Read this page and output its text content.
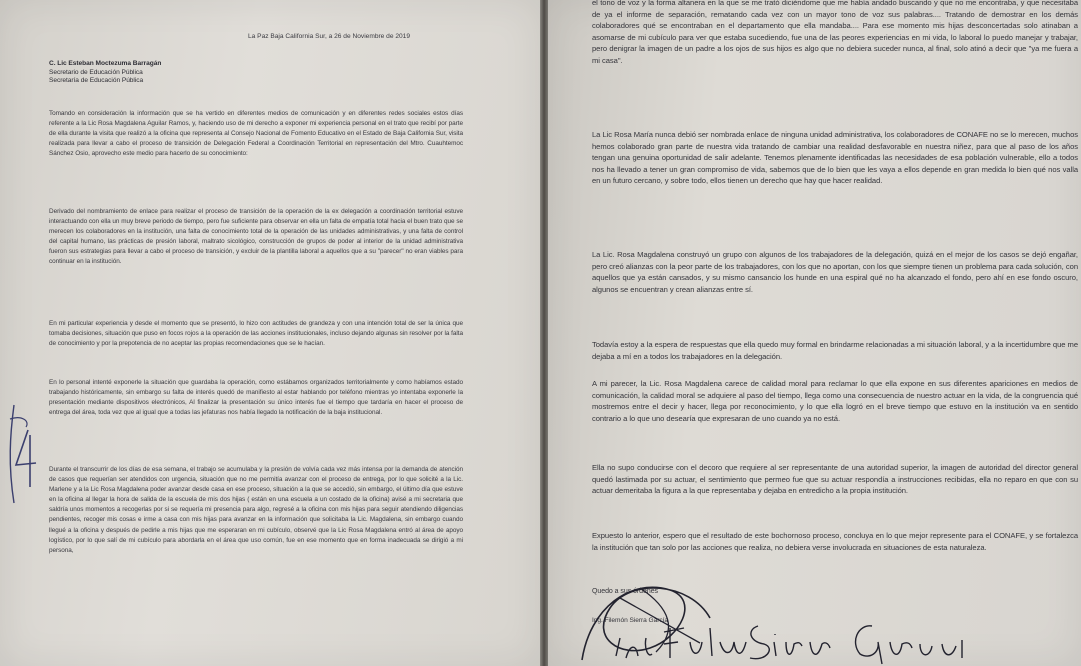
La Paz Baja California Sur, a 26 de Noviembre de 2019
C. Lic Esteban Moctezuma Barragán
Secretario de Educación Pública
Secretaría de Educación Pública
Tomando en consideración la información que se ha vertido en diferentes medios de comunicación y en diferentes redes sociales estos días referente a la Lic Rosa Magdalena Aguilar Ramos, y, haciendo uso de mi derecho a exponer mi experiencia personal en el trato que recibí por parte de ella durante la visita que realizó a la oficina que representa al Consejo Nacional de Fomento Educativo en el Estado de Baja California Sur, visita realizada para llevar a cabo el proceso de transición de Delegación Federal a Coordinación Territorial en representación del Mtro. Cuauhtemoc Sánchez Osio, aprovecho este medio para hacerlo de su conocimiento:
Derivado del nombramiento de enlace para realizar el proceso de transición de la operación de la ex delegación a coordinación territorial estuve interactuando con ella un muy breve periodo de tiempo, pero fue suficiente para observar en ella un falta de empatía total hacia el buen trato que se merecen los colaboradores en la institución, una falta de conocimiento total de la operación de las unidades administrativas, y una falta de control del capital humano, las prácticas de presión laboral, maltrato sicológico, construcción de grupos de poder al interior de la unidad administrativa fueron sus estrategias para llevar a cabo el proceso de transición, y excluir de la plantilla laboral a aquellos que a su "parecer" no eran viables para continuar en la institución.
En mi particular experiencia y desde el momento que se presentó, lo hizo con actitudes de grandeza y con una intención total de ser la única que tomaba decisiones, situación que puso en focos rojos a la operación de las acciones institucionales, incluso dejando algunas sin resolver por la falta de conocimiento y por la prepotencia de no aceptar las propias recomendaciones que se le hacían.
En lo personal intenté exponerle la situación que guardaba la operación, como estábamos organizados territorialmente y como habíamos estado trabajando históricamente, sin embargo su falta de interés quedó de manifiesto al estar hablando por teléfono mientras yo intentaba exponerle la presentación mediante dispositivos electrónicos, Al finalizar la presentación su único interés fue el tiempo que tardaría en hacer el proceso de entrega del área, toda vez que al igual que a todas las jefaturas nos había llegado la notificación de la baja institucional.
Durante el transcurrir de los días de esa semana, el trabajo se acumulaba y la presión de volvía cada vez más intensa por la demanda de atención de casos que requerían ser atendidos con urgencia, situación que no me permitía avanzar con el proceso de entrega, por lo que solicité a la Lic. Marlene y a la Lic Rosa Magdalena poder avanzar desde casa en ese proceso, situación a la que se accedió, sin embargo, el último día que estuve en la oficina al llegar la hora de salida de la escuela de mis dos hijas ( están en una escuela a un costado de la oficina) avisé a mi secretaria que saldría unos momentos a recogerlas por si se requería mi presencia para algo, regresé a la oficina con mis hijas para seguir atendiendo diligencias pendientes, recoger mis cosas e irme a casa con mis hijas para avanzar en la información que solicitaba la Lic. Magdalena, sin embargo cuando llegué a la oficina y después de pedirle a mis hijas que me esperaran en mi cubículo, observé que la Lic Rosa Magdalena entró al área de apoyo logístico, por lo que salí de mi cubículo para abordarla en el área que uso común, fue en ese momento que en forma inadecuada se dirigió a mi persona,
el tono de voz y la forma altanera en la que se me trató diciéndome que me había andado buscando y que no me encontraba, y que necesitaba de ya el informe de separación, rematando cada vez con un mayor tono de voz sus palabras.... Tratando de demostrar en los demás colaboradores qué se encontraban en el departamento que ella mandaba.... Para ese momento mis hijas desconcertadas solo atinaban a asomarse de mi cubículo para ver que estaba sucediendo, fue una de las peores experiencias en mi vida, lo laboral lo puedo manejar y trabajar, pero denigrar la imagen de un padre a los ojos de sus hijos es algo que no debiera suceder nunca, al final, solo atinó a decir que "ya me fuera a mi casa".
La Lic Rosa María nunca debió ser nombrada enlace de ninguna unidad administrativa, los colaboradores de CONAFE no se lo merecen, muchos hemos colaborado gran parte de nuestra vida tratando de cambiar una realidad desfavorable en nuestra niñez, para que al paso de los años tengan una genuina oportunidad de salir adelante. Tenemos plenamente identificadas las necesidades de esa población vulnerable, ello a todos nos ha llevado a tener un gran compromiso de vida, sabemos que de lo bien que les vaya a ellos depende en gran medida lo bien qué nos valla en un futuro cercano, y sobre todo, ellos tienen un derecho que hay que hacer realidad.
La Lic. Rosa Magdalena construyó un grupo con algunos de los trabajadores de la delegación, quizá en el mejor de los casos se dejó engañar, pero creó alianzas con la peor parte de los trabajadores, con los que no aportan, con los que siempre tienen un problema para cada solución, con aquellos que ya están cansados, y su mismo cansancio los hunde en una espiral qué no ha alcanzado el fondo, pero ahí en ese fondo oscuro, algunos se encuentran y crean alianzas entre sí.
Todavía estoy a la espera de respuestas que ella quedo muy formal en brindarme relacionadas a mi situación laboral, y a la incertidumbre que me dejaba a mí en a todos los trabajadores en la delegación.
A mi parecer, la Lic. Rosa Magdalena carece de calidad moral para reclamar lo que ella expone en sus diferentes apariciones en medios de comunicación, la calidad moral se adquiere al paso del tiempo, llega como una consecuencia de nuestro actuar en la vida, de la congruencia qué mostremos entre el decir y hacer, llega por reconocimiento, y lo que ella logró en el breve tiempo que estuvo en la institución va en sentido contrario a lo que uno desearía que expresaran de uno cuando ya no está.
Ella no supo conducirse con el decoro que requiere al ser representante de una autoridad superior, la imagen de autoridad del director general quedó lastimada por su actuar, el sentimiento que permeo fue que su actuar respondía a instrucciones recibidas, ella no reparo en que con su actuar demeritaba la figura a la que representaba y dejaba en entredicho a la propia institución.
Expuesto lo anterior, espero que el resultado de este bochornoso proceso, concluya en lo que mejor represente para el CONAFE, y se fortalezca la institución que tan solo por las acciones que realiza, no debiera verse involucrada en situaciones de esta naturaleza.
Quedo a sus órdenes
Ing. Filemón Sierra García
